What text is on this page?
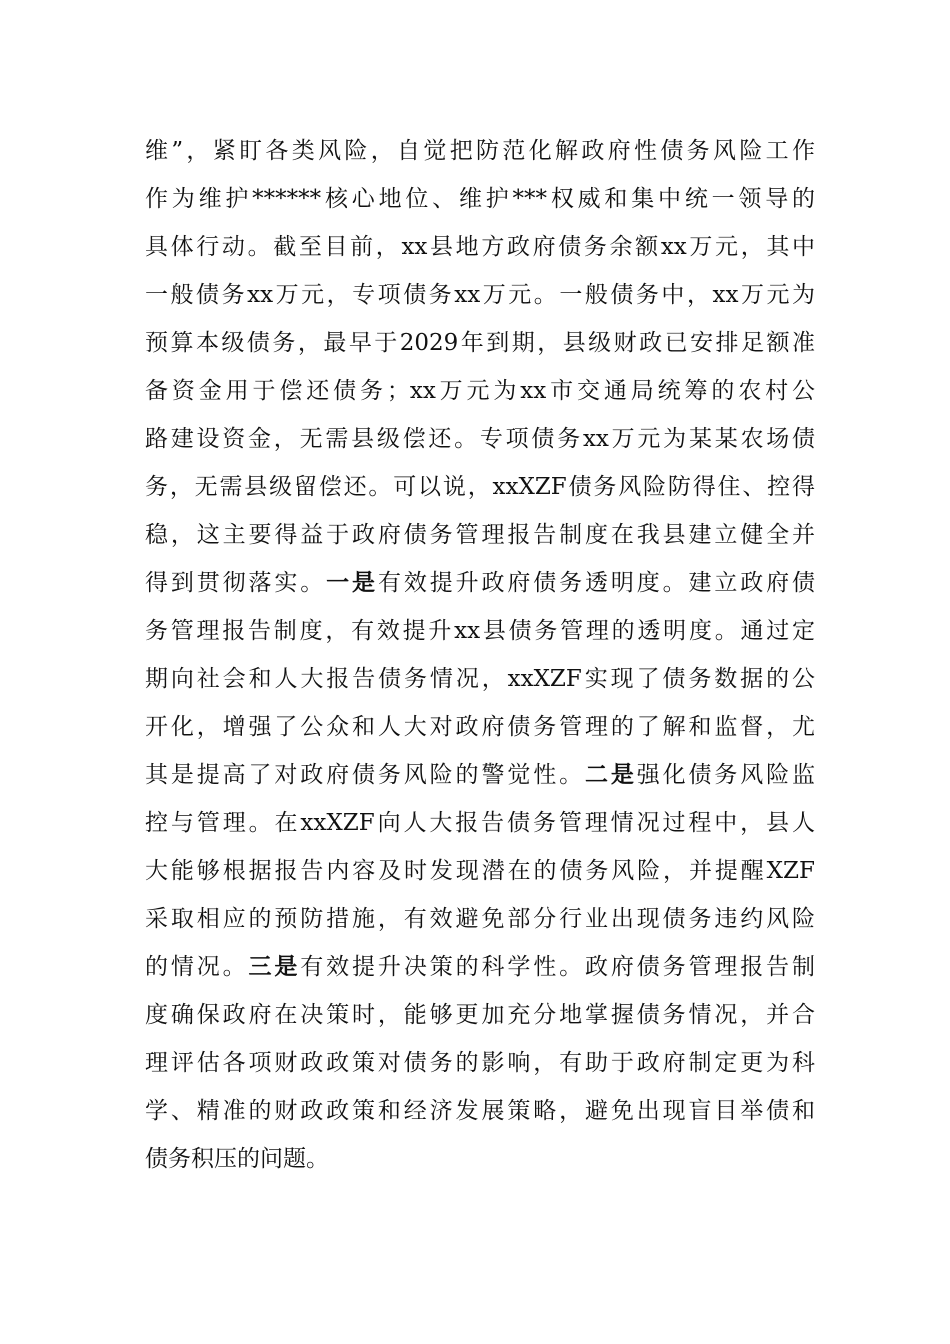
维”，紧盯各类风险，自觉把防范化解政府性债务风险工作
作为维护******核心地位、维护***权威和集中统一领导的
具体行动。截至目前，xx县地方政府债务余额xx万元，其中
一般债务xx万元，专项债务xx万元。一般债务中，xx万元为
预算本级债务，最早于2029年到期，县级财政已安排足额准
备资金用于偿还债务；xx万元为xx市交通局统筹的农村公
路建设资金，无需县级偿还。专项债务xx万元为某某农场债
务，无需县级留偿还。可以说，xxXZF债务风险防得住、控得
稳，这主要得益于政府债务管理报告制度在我县建立健全并
得到贯彻落实。一是有效提升政府债务透明度。建立政府债
务管理报告制度，有效提升xx县债务管理的透明度。通过定
期向社会和人大报告债务情况，xxXZF实现了债务数据的公
开化，增强了公众和人大对政府债务管理的了解和监督，尤
其是提高了对政府债务风险的警觉性。二是强化债务风险监
控与管理。在xxXZF向人大报告债务管理情况过程中，县人
大能够根据报告内容及时发现潜在的债务风险，并提醒XZF
采取相应的预防措施，有效避免部分行业出现债务违约风险
的情况。三是有效提升决策的科学性。政府债务管理报告制
度确保政府在决策时，能够更加充分地掌握债务情况，并合
理评估各项财政政策对债务的影响，有助于政府制定更为科
学、精准的财政政策和经济发展策略，避免出现盲目举债和
债务积压的问题。
